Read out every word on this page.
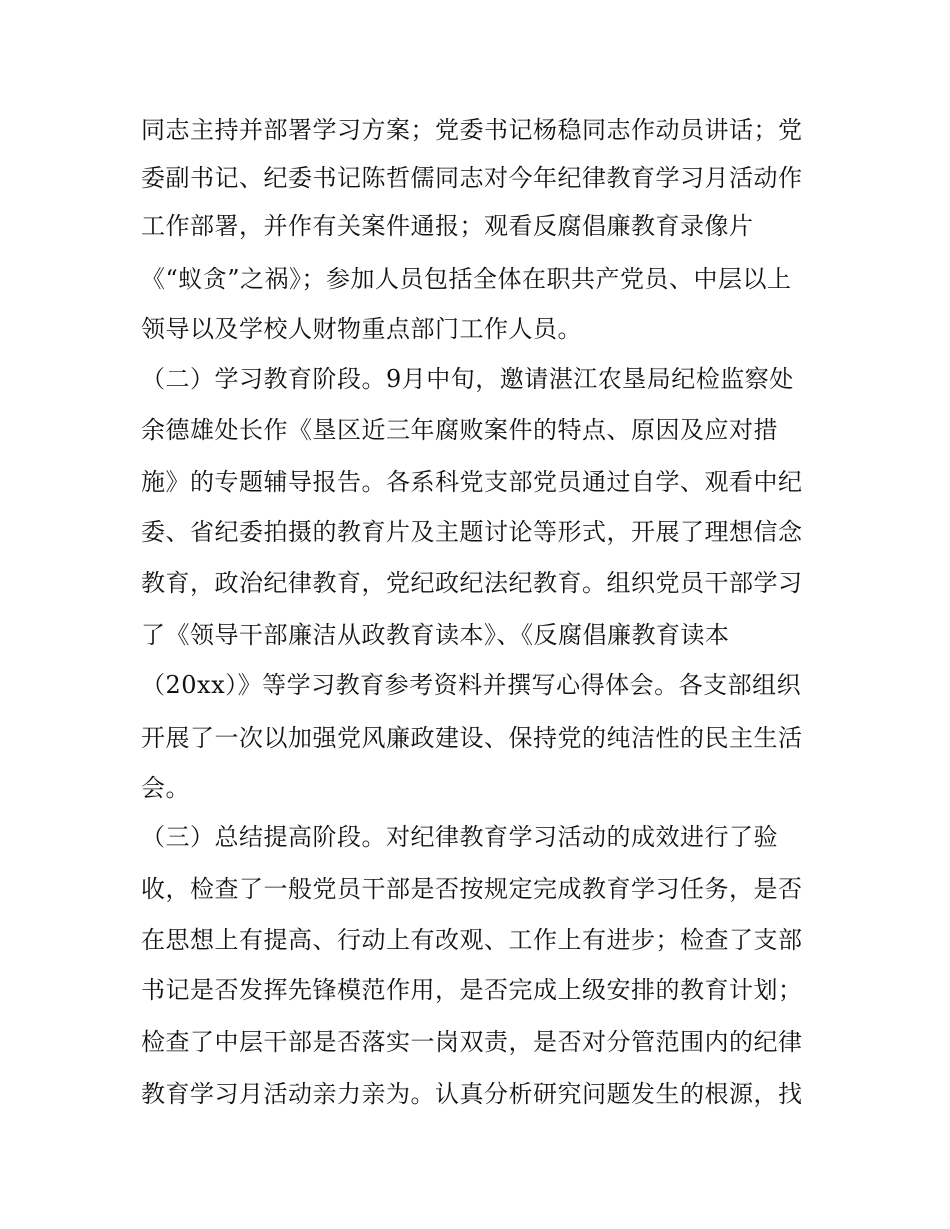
同志主持并部署学习方案；党委书记杨稳同志作动员讲话；党
委副书记、纪委书记陈哲儒同志对今年纪律教育学习月活动作
工作部署，并作有关案件通报；观看反腐倡廉教育录像片
《“蚁贪”之祸》；参加人员包括全体在职共产党员、中层以上
领导以及学校人财物重点部门工作人员。
（二）学习教育阶段。9月中旬，邀请湛江农垦局纪检监察处
余德雄处长作《垦区近三年腐败案件的特点、原因及应对措
施》的专题辅导报告。各系科党支部党员通过自学、观看中纪
委、省纪委拍摄的教育片及主题讨论等形式，开展了理想信念
教育，政治纪律教育，党纪政纪法纪教育。组织党员干部学习
了《领导干部廉洁从政教育读本》、《反腐倡廉教育读本
（20xx）》等学习教育参考资料并撰写心得体会。各支部组织
开展了一次以加强党风廉政建设、保持党的纯洁性的民主生活
会。
（三）总结提高阶段。对纪律教育学习活动的成效进行了验
收，检查了一般党员干部是否按规定完成教育学习任务，是否
在思想上有提高、行动上有改观、工作上有进步；检查了支部
书记是否发挥先锋模范作用，是否完成上级安排的教育计划；
检查了中层干部是否落实一岗双责，是否对分管范围内的纪律
教育学习月活动亲力亲为。认真分析研究问题发生的根源，找
